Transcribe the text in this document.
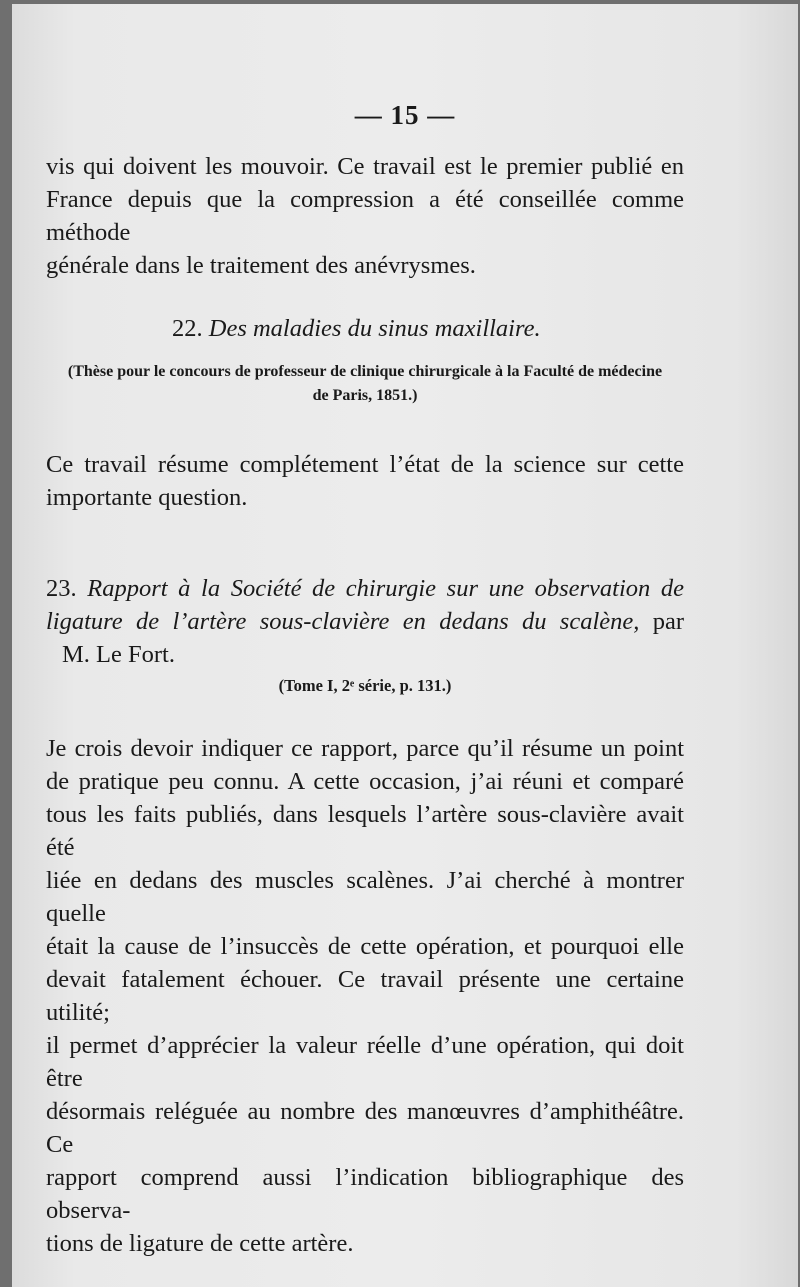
— 15 —
vis qui doivent les mouvoir. Ce travail est le premier publié en
France depuis que la compression a été conseillée comme méthode
générale dans le traitement des anévrysmes.
22. Des maladies du sinus maxillaire.
(Thèse pour le concours de professeur de clinique chirurgicale à la Faculté de médecine
de Paris, 1851.)
Ce travail résume complétement l’état de la science sur cette
importante question.
23. Rapport à la Société de chirurgie sur une observation de
ligature de l’artère sous-clavière en dedans du scalène, par
M. Le Fort.
(Tome I, 2ᵉ série, p. 131.)
Je crois devoir indiquer ce rapport, parce qu’il résume un point
de pratique peu connu. A cette occasion, j’ai réuni et comparé
tous les faits publiés, dans lesquels l’artère sous-clavière avait été
liée en dedans des muscles scalènes. J’ai cherché à montrer quelle
était la cause de l’insuccès de cette opération, et pourquoi elle
devait fatalement échouer. Ce travail présente une certaine utilité;
il permet d’apprécier la valeur réelle d’une opération, qui doit être
désormais reléguée au nombre des manœuvres d’amphithéâtre. Ce
rapport comprend aussi l’indication bibliographique des observa-
tions de ligature de cette artère.
